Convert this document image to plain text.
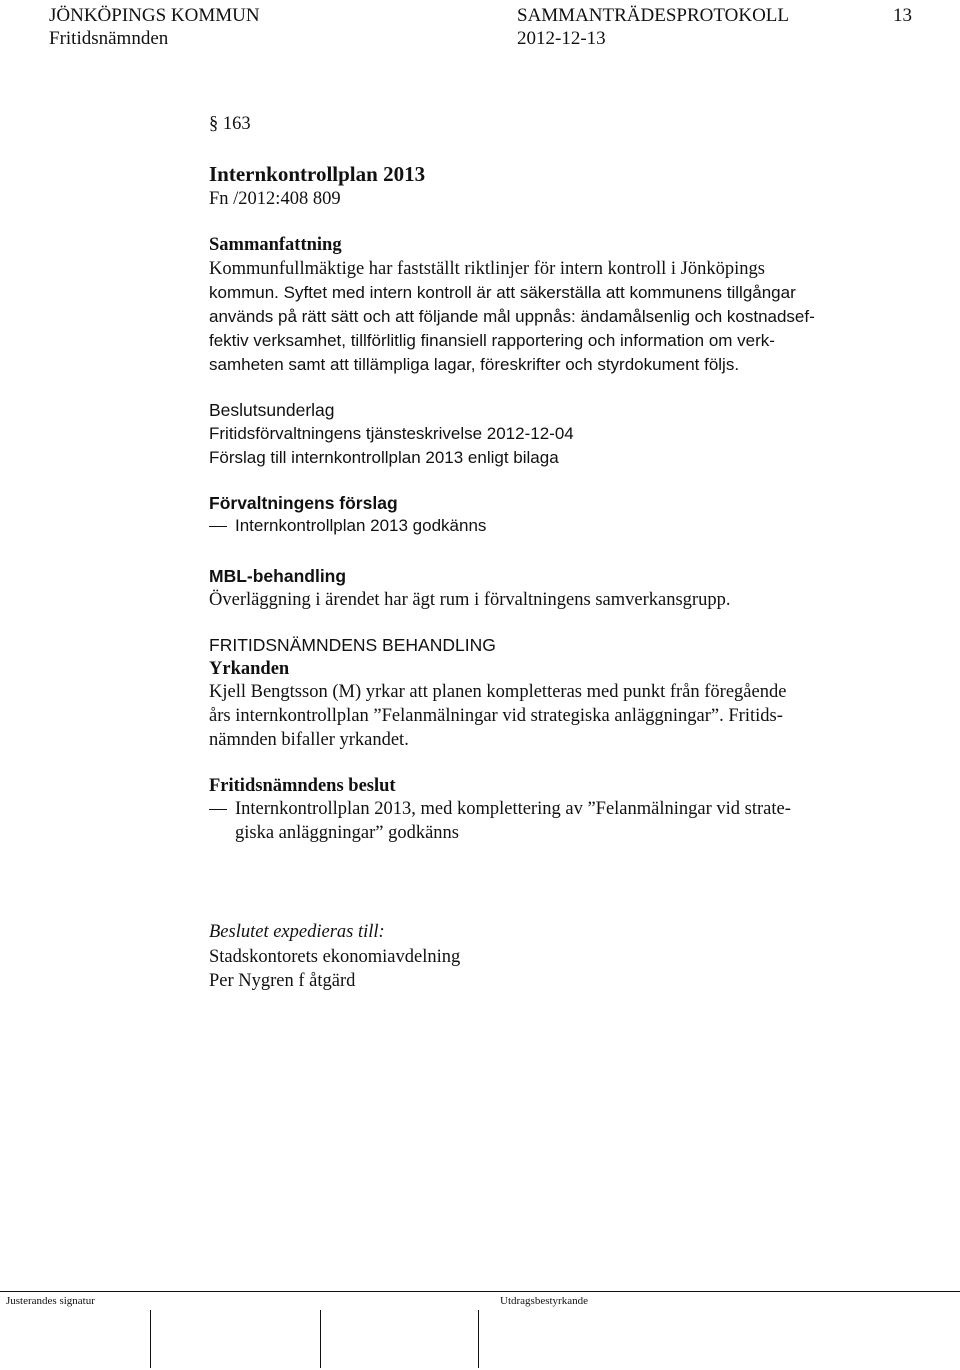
JÖNKÖPINGS KOMMUN	SAMMANTRÄDESPROTOKOLL	13
Fritidsnämnden	2012-12-13
§ 163
Internkontrollplan 2013
Fn /2012:408 809
Sammanfattning
Kommunfullmäktige har fastställt riktlinjer för intern kontroll i Jönköpings
kommun. Syftet med intern kontroll är att säkerställa att kommunens tillgångar
används på rätt sätt och att följande mål uppnås: ändamålsenlig och kostnadsef-
fektiv verksamhet, tillförlitlig finansiell rapportering och information om verk-
samheten samt att tillämpliga lagar, föreskrifter och styrdokument följs.
Beslutsunderlag
Fritidsförvaltningens tjänsteskrivelse 2012-12-04
Förslag till internkontrollplan 2013 enligt bilaga
Förvaltningens förslag
Internkontrollplan 2013 godkänns
MBL-behandling
Överläggning i ärendet har ägt rum i förvaltningens samverkansgrupp.
FRITIDSNÄMNDENS BEHANDLING
Yrkanden
Kjell Bengtsson (M) yrkar att planen kompletteras med punkt från föregående
års internkontrollplan ”Felanmälningar vid strategiska anläggningar”. Fritids-
nämnden bifaller yrkandet.
Fritidsnämndens beslut
Internkontrollplan 2013, med komplettering av ”Felanmälningar vid strate-
giska anläggningar” godkänns
Beslutet expedieras till:
Stadskontorets ekonomiavdelning
Per Nygren f åtgärd
Justerandes signatur	Utdragsbestyrkande
